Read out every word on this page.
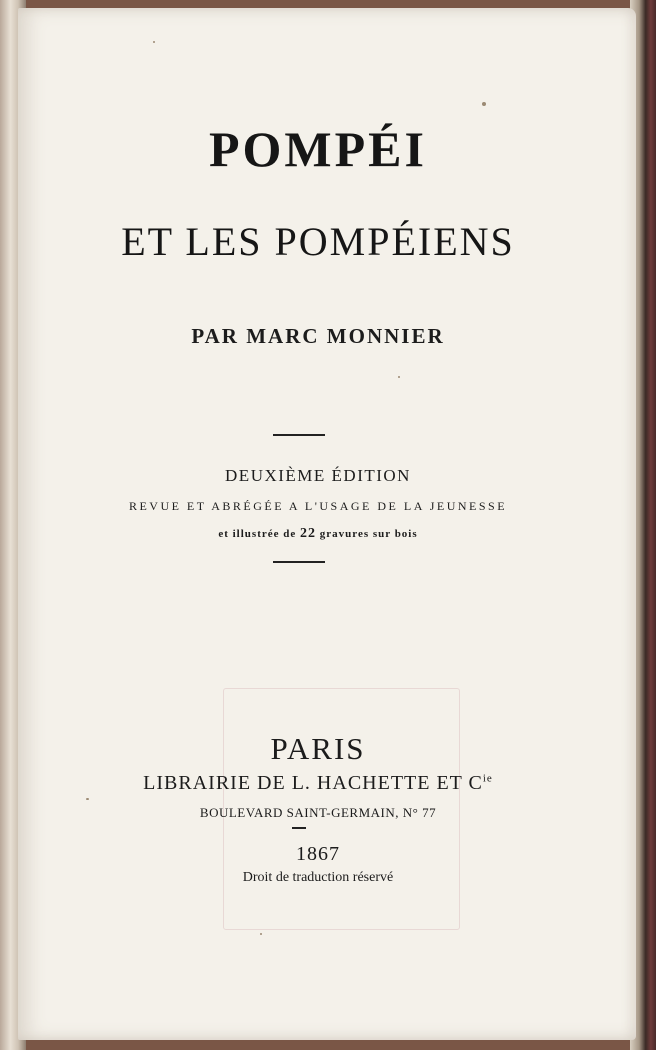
POMPÉI
ET LES POMPÉIENS
PAR MARC MONNIER
DEUXIÈME ÉDITION
REVUE ET ABRÉGÉE A L'USAGE DE LA JEUNESSE
et illustrée de 22 gravures sur bois
PARIS
LIBRAIRIE DE L. HACHETTE ET $C^{ie}$
BOULEVARD SAINT-GERMAIN, N° 77
1867
Droit de traduction réservé
